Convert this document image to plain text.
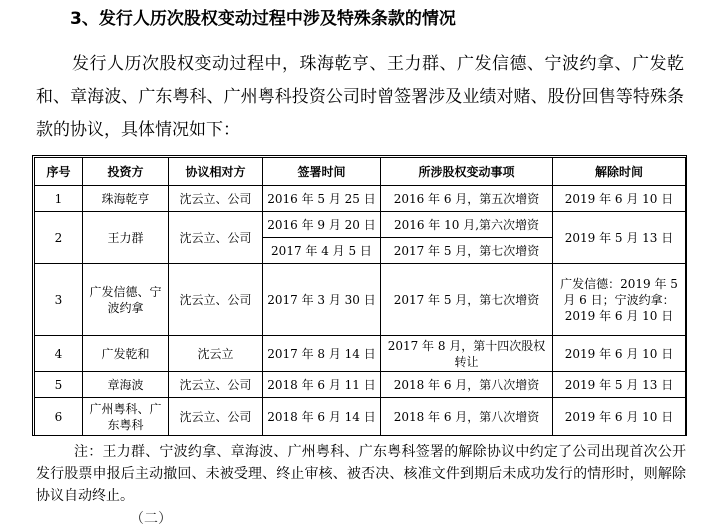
3、发行人历次股权变动过程中涉及特殊条款的情况
发行人历次股权变动过程中，珠海乾亨、王力群、广发信德、宁波约拿、广发乾和、章海波、广东粤科、广州粤科投资公司时曾签署涉及业绩对赌、股份回售等特殊条款的协议，具体情况如下：
序号	投资方	协议相对方	签署时间	所涉股权变动事项	解除时间
1	珠海乾亨	沈云立、公司	2016 年 5 月 25 日	2016 年 6 月，第五次增资	2019 年 6 月 10 日
2	王力群	沈云立、公司	2016 年 9 月 20 日	2016 年 10 月,第六次增资	2019 年 5 月 13 日
			2017 年 4 月 5 日	2017 年 5 月，第七次增资	
3	广发信德、宁波约拿	沈云立、公司	2017 年 3 月 30 日	2017 年 5 月，第七次增资	广发信德：2019 年 5 月 6 日；宁波约拿：2019 年 6 月 10 日
4	广发乾和	沈云立	2017 年 8 月 14 日	2017 年 8 月，第十四次股权转让	2019 年 6 月 10 日
5	章海波	沈云立、公司	2018 年 6 月 11 日	2018 年 6 月，第八次增资	2019 年 5 月 13 日
6	广州粤科、广东粤科	沈云立、公司	2018 年 6 月 14 日	2018 年 6 月，第八次增资	2019 年 6 月 10 日
注：王力群、宁波约拿、章海波、广州粤科、广东粤科签署的解除协议中约定了公司出现首次公开发行股票申报后主动撤回、未被受理、终止审核、被否决、核准文件到期后未成功发行的情形时，则解除协议自动终止。
（二）
